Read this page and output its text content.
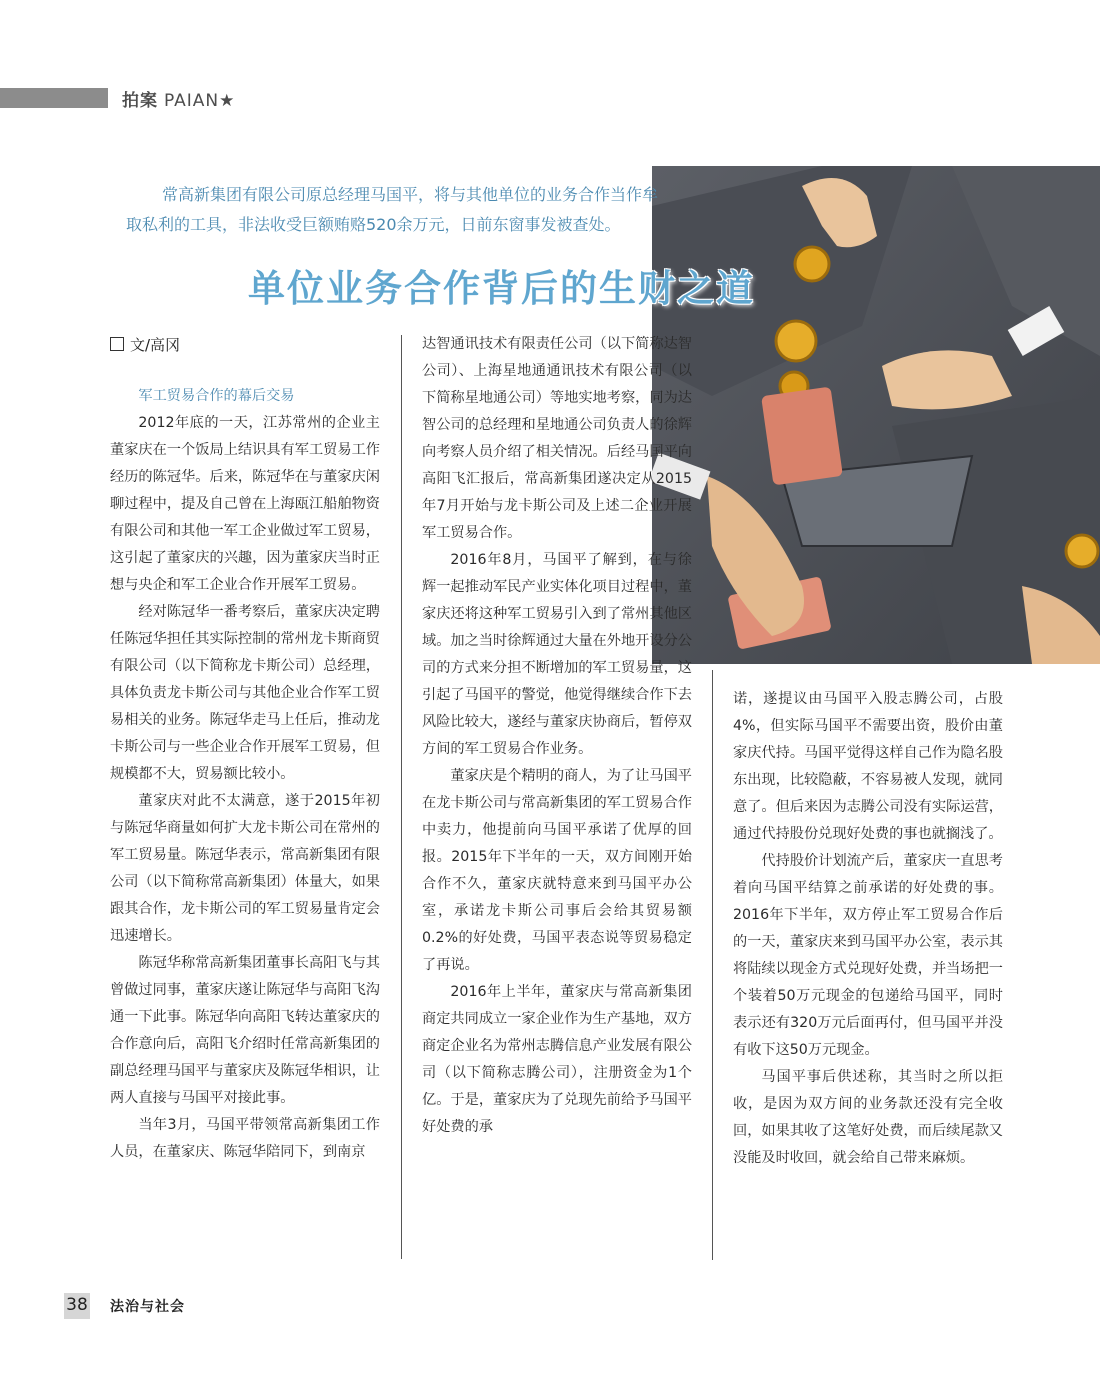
拍案 PAIAN★
常高新集团有限公司原总经理马国平，将与其他单位的业务合作当作牟
取私利的工具，非法收受巨额贿赂520余万元，日前东窗事发被查处。
单位业务合作背后的生财之道
文/高冈

军工贸易合作的幕后交易

2012年底的一天，江苏常州的企业主董家庆在一个饭局上结识具有军工贸易工作经历的陈冠华。后来，陈冠华在与董家庆闲聊过程中，提及自己曾在上海瓯江船舶物资有限公司和其他一军工企业做过军工贸易，这引起了董家庆的兴趣，因为董家庆当时正想与央企和军工企业合作开展军工贸易。

经对陈冠华一番考察后，董家庆决定聘任陈冠华担任其实际控制的常州龙卡斯商贸有限公司（以下简称龙卡斯公司）总经理，具体负责龙卡斯公司与其他企业合作军工贸易相关的业务。陈冠华走马上任后，推动龙卡斯公司与一些企业合作开展军工贸易，但规模都不大，贸易额比较小。

董家庆对此不太满意，遂于2015年初与陈冠华商量如何扩大龙卡斯公司在常州的军工贸易量。陈冠华表示，常高新集团有限公司（以下简称常高新集团）体量大，如果跟其合作，龙卡斯公司的军工贸易量肯定会迅速增长。

陈冠华称常高新集团董事长高阳飞与其曾做过同事，董家庆遂让陈冠华与高阳飞沟通一下此事。陈冠华向高阳飞转达董家庆的合作意向后，高阳飞介绍时任常高新集团的副总经理马国平与董家庆及陈冠华相识，让两人直接与马国平对接此事。

当年3月，马国平带领常高新集团工作人员，在董家庆、陈冠华陪同下，到南京

达智通讯技术有限责任公司（以下简称达智公司）、上海星地通通讯技术有限公司（以下简称星地通公司）等地实地考察，同为达智公司的总经理和星地通公司负责人的徐辉向考察人员介绍了相关情况。后经马国平向高阳飞汇报后，常高新集团遂决定从2015年7月开始与龙卡斯公司及上述二企业开展军工贸易合作。

2016年8月，马国平了解到，在与徐辉一起推动军民产业实体化项目过程中，董家庆还将这种军工贸易引入到了常州其他区域。加之当时徐辉通过大量在外地开设分公司的方式来分担不断增加的军工贸易量，这引起了马国平的警觉，他觉得继续合作下去风险比较大，遂经与董家庆协商后，暂停双方间的军工贸易合作业务。

董家庆是个精明的商人，为了让马国平在龙卡斯公司与常高新集团的军工贸易合作中卖力，他提前向马国平承诺了优厚的回报。2015年下半年的一天，双方间刚开始合作不久，董家庆就特意来到马国平办公室，承诺龙卡斯公司事后会给其贸易额0.2%的好处费，马国平表态说等贸易稳定了再说。

2016年上半年，董家庆与常高新集团商定共同成立一家企业作为生产基地，双方商定企业名为常州志腾信息产业发展有限公司（以下简称志腾公司），注册资金为1个亿。于是，董家庆为了兑现先前给予马国平好处费的承

诺，遂提议由马国平入股志腾公司，占股4%，但实际马国平不需要出资，股价由董家庆代持。马国平觉得这样自己作为隐名股东出现，比较隐蔽，不容易被人发现，就同意了。但后来因为志腾公司没有实际运营，通过代持股份兑现好处费的事也就搁浅了。

代持股价计划流产后，董家庆一直思考着向马国平结算之前承诺的好处费的事。2016年下半年，双方停止军工贸易合作后的一天，董家庆来到马国平办公室，表示其将陆续以现金方式兑现好处费，并当场把一个装着50万元现金的包递给马国平，同时表示还有320万元后面再付，但马国平并没有收下这50万元现金。

马国平事后供述称，其当时之所以拒收，是因为双方间的业务款还没有完全收回，如果其收了这笔好处费，而后续尾款又没能及时收回，就会给自己带来麻烦。

38 法治与社会
